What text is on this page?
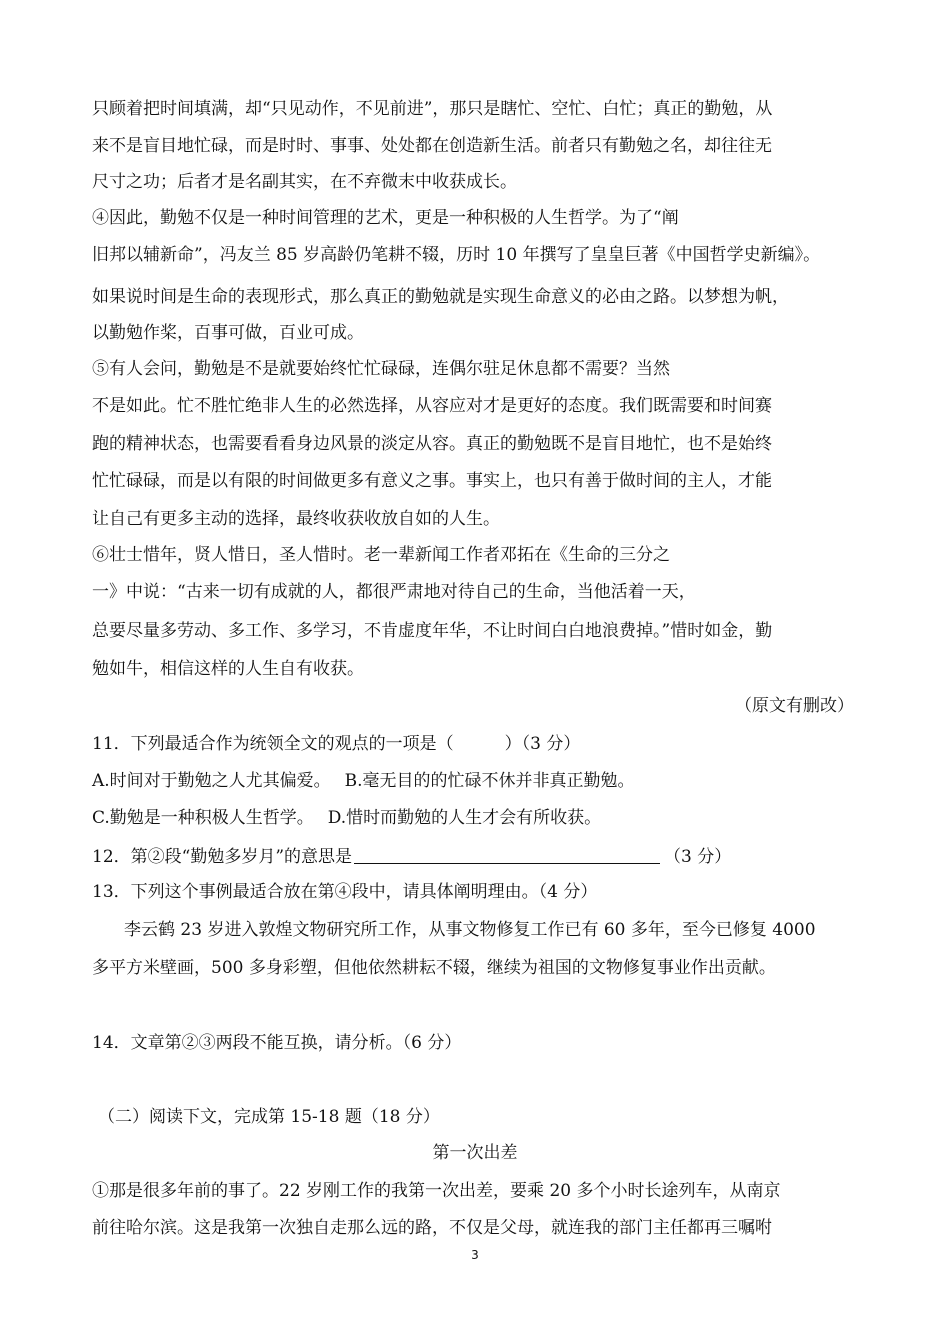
只顾着把时间填满，却“只见动作，不见前进”，那只是瞎忙、空忙、白忙；真正的勤勉，从
来不是盲目地忙碌，而是时时、事事、处处都在创造新生活。前者只有勤勉之名，却往往无
尺寸之功；后者才是名副其实，在不弃微末中收获成长。
④因此，勤勉不仅是一种时间管理的艺术，更是一种积极的人生哲学。为了“阐
旧邦以辅新命”，冯友兰 85 岁高龄仍笔耕不辍，历时 10 年撰写了皇皇巨著《中国哲学史新编》。
如果说时间是生命的表现形式，那么真正的勤勉就是实现生命意义的必由之路。以梦想为帆，
以勤勉作桨，百事可做，百业可成。
⑤有人会问，勤勉是不是就要始终忙忙碌碌，连偶尔驻足休息都不需要？当然
不是如此。忙不胜忙绝非人生的必然选择，从容应对才是更好的态度。我们既需要和时间赛
跑的精神状态，也需要看看身边风景的淡定从容。真正的勤勉既不是盲目地忙，也不是始终
忙忙碌碌，而是以有限的时间做更多有意义之事。事实上，也只有善于做时间的主人，才能
让自己有更多主动的选择，最终收获收放自如的人生。
⑥壮士惜年，贤人惜日，圣人惜时。老一辈新闻工作者邓拓在《生命的三分之
一》中说：“古来一切有成就的人，都很严肃地对待自己的生命，当他活着一天，
总要尽量多劳动、多工作、多学习，不肯虚度年华，不让时间白白地浪费掉。”惜时如金，勤
勉如牛，相信这样的人生自有收获。
（原文有删改）
11．下列最适合作为统领全文的观点的一项是（　　　）（3 分）
A.时间对于勤勉之人尤其偏爱。　 B.毫无目的的忙碌不休并非真正勤勉。
C.勤勉是一种积极人生哲学。　 D.惜时而勤勉的人生才会有所收获。
12．第②段“勤勉多岁月”的意思是	（3 分）
13．下列这个事例最适合放在第④段中，请具体阐明理由。（4 分）
李云鹤 23 岁进入敦煌文物研究所工作，从事文物修复工作已有 60 多年，至今已修复 4000
多平方米壁画，500 多身彩塑，但他依然耕耘不辍，继续为祖国的文物修复事业作出贡献。
14．文章第②③两段不能互换，请分析。（6 分）
（二）阅读下文，完成第 15-18 题（18 分）
第一次出差
①那是很多年前的事了。22 岁刚工作的我第一次出差，要乘 20 多个小时长途列车，从南京
前往哈尔滨。这是我第一次独自走那么远的路，不仅是父母，就连我的部门主任都再三嘱咐
3
